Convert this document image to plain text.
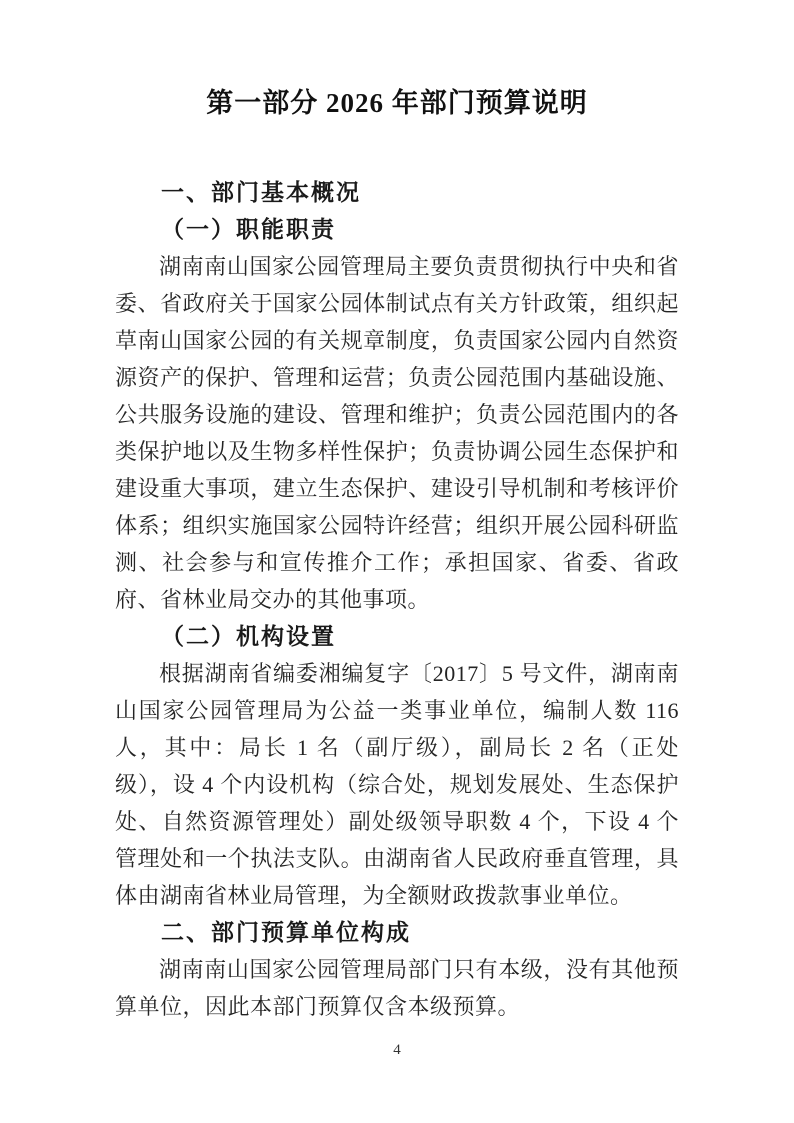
第一部分 2026 年部门预算说明
一、部门基本概况
（一）职能职责

湖南南山国家公园管理局主要负责贯彻执行中央和省委、省政府关于国家公园体制试点有关方针政策，组织起草南山国家公园的有关规章制度，负责国家公园内自然资源资产的保护、管理和运营；负责公园范围内基础设施、公共服务设施的建设、管理和维护；负责公园范围内的各类保护地以及生物多样性保护；负责协调公园生态保护和建设重大事项，建立生态保护、建设引导机制和考核评价体系；组织实施国家公园特许经营；组织开展公园科研监测、社会参与和宣传推介工作；承担国家、省委、省政府、省林业局交办的其他事项。

（二）机构设置

根据湖南省编委湘编复字〔2017〕5 号文件，湖南南山国家公园管理局为公益一类事业单位，编制人数 116 人，其中：局长 1 名（副厅级），副局长 2 名（正处级），设 4 个内设机构（综合处，规划发展处、生态保护处、自然资源管理处）副处级领导职数 4 个，下设 4 个管理处和一个执法支队。由湖南省人民政府垂直管理，具体由湖南省林业局管理，为全额财政拨款事业单位。

二、部门预算单位构成

湖南南山国家公园管理局部门只有本级，没有其他预算单位，因此本部门预算仅含本级预算。

4
